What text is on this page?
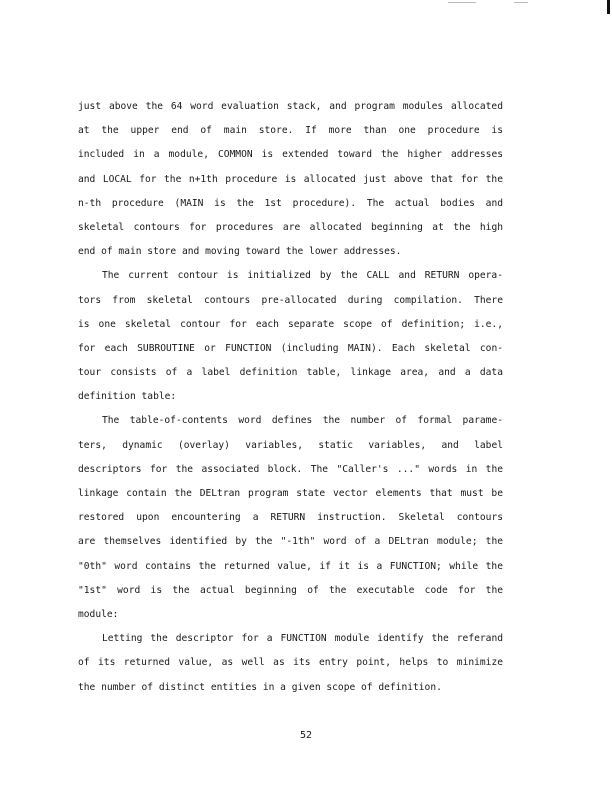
just above the 64 word evaluation stack, and program modules allocated
at the upper end of main store. If more than one procedure is
included in a module, COMMON is extended toward the higher addresses
and LOCAL for the n+1th procedure is allocated just above that for the
n-th procedure (MAIN is the 1st procedure). The actual bodies and
skeletal contours for procedures are allocated beginning at the high
end of main store and moving toward the lower addresses.
The current contour is initialized by the CALL and RETURN opera-
tors from skeletal contours pre-allocated during compilation. There
is one skeletal contour for each separate scope of definition; i.e.,
for each SUBROUTINE or FUNCTION (including MAIN). Each skeletal con-
tour consists of a label definition table, linkage area, and a data
definition table:
The table-of-contents word defines the number of formal parame-
ters, dynamic (overlay) variables, static variables, and label
descriptors for the associated block. The "Caller's ..." words in the
linkage contain the DELtran program state vector elements that must be
restored upon encountering a RETURN instruction. Skeletal contours
are themselves identified by the "-1th" word of a DELtran module; the
"0th" word contains the returned value, if it is a FUNCTION; while the
"1st" word is the actual beginning of the executable code for the
module:
Letting the descriptor for a FUNCTION module identify the referand
of its returned value, as well as its entry point, helps to minimize
the number of distinct entities in a given scope of definition.
52
